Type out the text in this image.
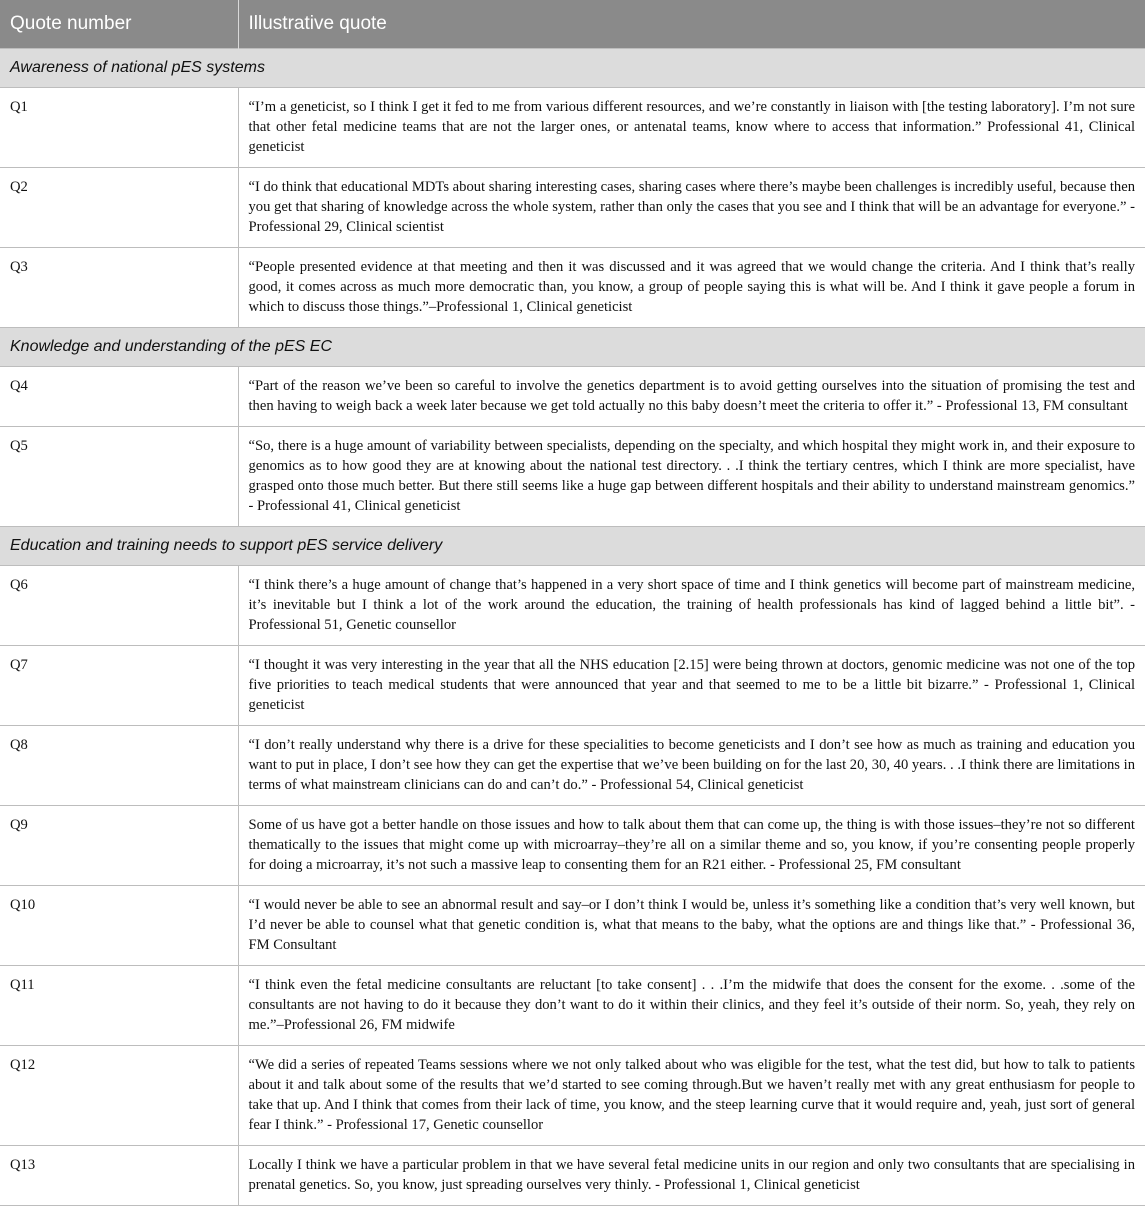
Quote number	Illustrative quote
Awareness of national pES systems	
Q1	“I’m a geneticist, so I think I get it fed to me from various different resources, and we’re constantly in liaison with [the testing laboratory]. I’m not sure that other fetal medicine teams that are not the larger ones, or antenatal teams, know where to access that information.” Professional 41, Clinical geneticist
Q2	“I do think that educational MDTs about sharing interesting cases, sharing cases where there’s maybe been challenges is incredibly useful, because then you get that sharing of knowledge across the whole system, rather than only the cases that you see and I think that will be an advantage for everyone.” - Professional 29, Clinical scientist
Q3	“People presented evidence at that meeting and then it was discussed and it was agreed that we would change the criteria. And I think that’s really good, it comes across as much more democratic than, you know, a group of people saying this is what will be. And I think it gave people a forum in which to discuss those things.”–Professional 1, Clinical geneticist
Knowledge and understanding of the pES EC	
Q4	“Part of the reason we’ve been so careful to involve the genetics department is to avoid getting ourselves into the situation of promising the test and then having to weigh back a week later because we get told actually no this baby doesn’t meet the criteria to offer it.” - Professional 13, FM consultant
Q5	“So, there is a huge amount of variability between specialists, depending on the specialty, and which hospital they might work in, and their exposure to genomics as to how good they are at knowing about the national test directory. . .I think the tertiary centres, which I think are more specialist, have grasped onto those much better. But there still seems like a huge gap between different hospitals and their ability to understand mainstream genomics.” - Professional 41, Clinical geneticist
Education and training needs to support pES service delivery	
Q6	“I think there’s a huge amount of change that’s happened in a very short space of time and I think genetics will become part of mainstream medicine, it’s inevitable but I think a lot of the work around the education, the training of health professionals has kind of lagged behind a little bit”. - Professional 51, Genetic counsellor
Q7	“I thought it was very interesting in the year that all the NHS education [2.15] were being thrown at doctors, genomic medicine was not one of the top five priorities to teach medical students that were announced that year and that seemed to me to be a little bit bizarre.” - Professional 1, Clinical geneticist
Q8	“I don’t really understand why there is a drive for these specialities to become geneticists and I don’t see how as much as training and education you want to put in place, I don’t see how they can get the expertise that we’ve been building on for the last 20, 30, 40 years. . .I think there are limitations in terms of what mainstream clinicians can do and can’t do.” - Professional 54, Clinical geneticist
Q9	Some of us have got a better handle on those issues and how to talk about them that can come up, the thing is with those issues–they’re not so different thematically to the issues that might come up with microarray–they’re all on a similar theme and so, you know, if you’re consenting people properly for doing a microarray, it’s not such a massive leap to consenting them for an R21 either. - Professional 25, FM consultant
Q10	“I would never be able to see an abnormal result and say–or I don’t think I would be, unless it’s something like a condition that’s very well known, but I’d never be able to counsel what that genetic condition is, what that means to the baby, what the options are and things like that.” - Professional 36, FM Consultant
Q11	“I think even the fetal medicine consultants are reluctant [to take consent] . . .I’m the midwife that does the consent for the exome. . .some of the consultants are not having to do it because they don’t want to do it within their clinics, and they feel it’s outside of their norm. So, yeah, they rely on me.”–Professional 26, FM midwife
Q12	“We did a series of repeated Teams sessions where we not only talked about who was eligible for the test, what the test did, but how to talk to patients about it and talk about some of the results that we’d started to see coming through.But we haven’t really met with any great enthusiasm for people to take that up. And I think that comes from their lack of time, you know, and the steep learning curve that it would require and, yeah, just sort of general fear I think.” - Professional 17, Genetic counsellor
Q13	Locally I think we have a particular problem in that we have several fetal medicine units in our region and only two consultants that are specialising in prenatal genetics. So, you know, just spreading ourselves very thinly. - Professional 1, Clinical geneticist
